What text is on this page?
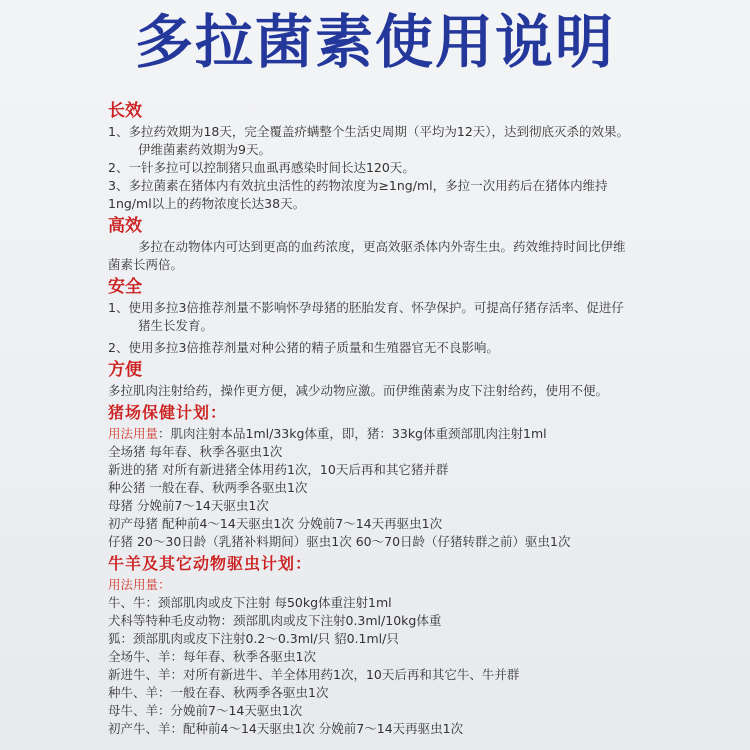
多拉菌素使用说明
长效
1、多拉药效期为18天，完全覆盖疥螨整个生活史周期（平均为12天），达到彻底灭杀的效果。
伊维菌素药效期为9天。
2、一针多拉可以控制猪只血虱再感染时间长达120天。
3、多拉菌素在猪体内有效抗虫活性的药物浓度为≥1ng/ml，多拉一次用药后在猪体内维持
1ng/ml以上的药物浓度长达38天。
高效
多拉在动物体内可达到更高的血药浓度，更高效驱杀体内外寄生虫。药效维持时间比伊维
菌素长两倍。
安全
1、使用多拉3倍推荐剂量不影响怀孕母猪的胚胎发育、怀孕保护。可提高仔猪存活率、促进仔
猪生长发育。
2、使用多拉3倍推荐剂量对种公猪的精子质量和生殖器官无不良影响。
方便
多拉肌肉注射给药，操作更方便，减少动物应激。而伊维菌素为皮下注射给药，使用不便。
猪场保健计划：
用法用量：肌肉注射本品1ml/33kg体重，即，猪：33kg体重颈部肌肉注射1ml
全场猪 每年春、秋季各驱虫1次
新进的猪 对所有新进猪全体用药1次，10天后再和其它猪并群
种公猪 一般在春、秋两季各驱虫1次
母猪 分娩前7～14天驱虫1次
初产母猪 配种前4～14天驱虫1次 分娩前7～14天再驱虫1次
仔猪 20～30日龄（乳猪补料期间）驱虫1次 60～70日龄（仔猪转群之前）驱虫1次
牛羊及其它动物驱虫计划：
用法用量：
牛、牛：颈部肌肉或皮下注射 每50kg体重注射1ml
犬科等特种毛皮动物：颈部肌肉或皮下注射0.3ml/10kg体重
狐：颈部肌肉或皮下注射0.2～0.3ml/只 貂0.1ml/只
全场牛、羊：每年春、秋季各驱虫1次
新进牛、羊：对所有新进牛、羊全体用药1次，10天后再和其它牛、牛并群
种牛、羊：一般在春、秋两季各驱虫1次
母牛、羊：分娩前7～14天驱虫1次
初产牛、羊：配种前4～14天驱虫1次 分娩前7～14天再驱虫1次
